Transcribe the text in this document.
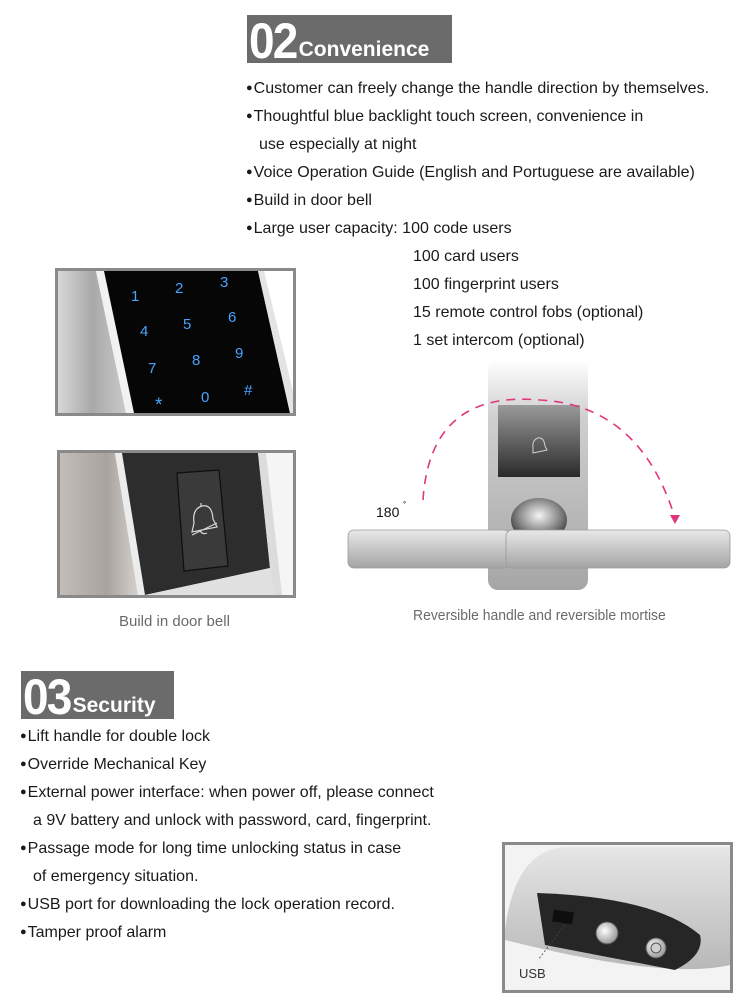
02 Convenience
● Customer can freely change the handle direction by themselves.
● Thoughtful blue backlight touch screen, convenience in
use especially at night
● Voice Operation Guide (English and Portuguese are available)
● Build in door bell
● Large user capacity: 100 code users
100 card users
100 fingerprint users
15 remote control fobs (optional)
1 set intercom (optional)
1 2 3
4 5 6
7 8 9
*	0 #
Build in door bell
180 °
Reversible handle and reversible mortise
03 Security
● Lift handle for double lock
● Override Mechanical Key
● External power interface: when power off, please connect
a 9V battery and unlock with password, card, fingerprint.
● Passage mode for long time unlocking status in case
of emergency situation.
● USB port for downloading the lock operation record.
● Tamper proof alarm
USB
